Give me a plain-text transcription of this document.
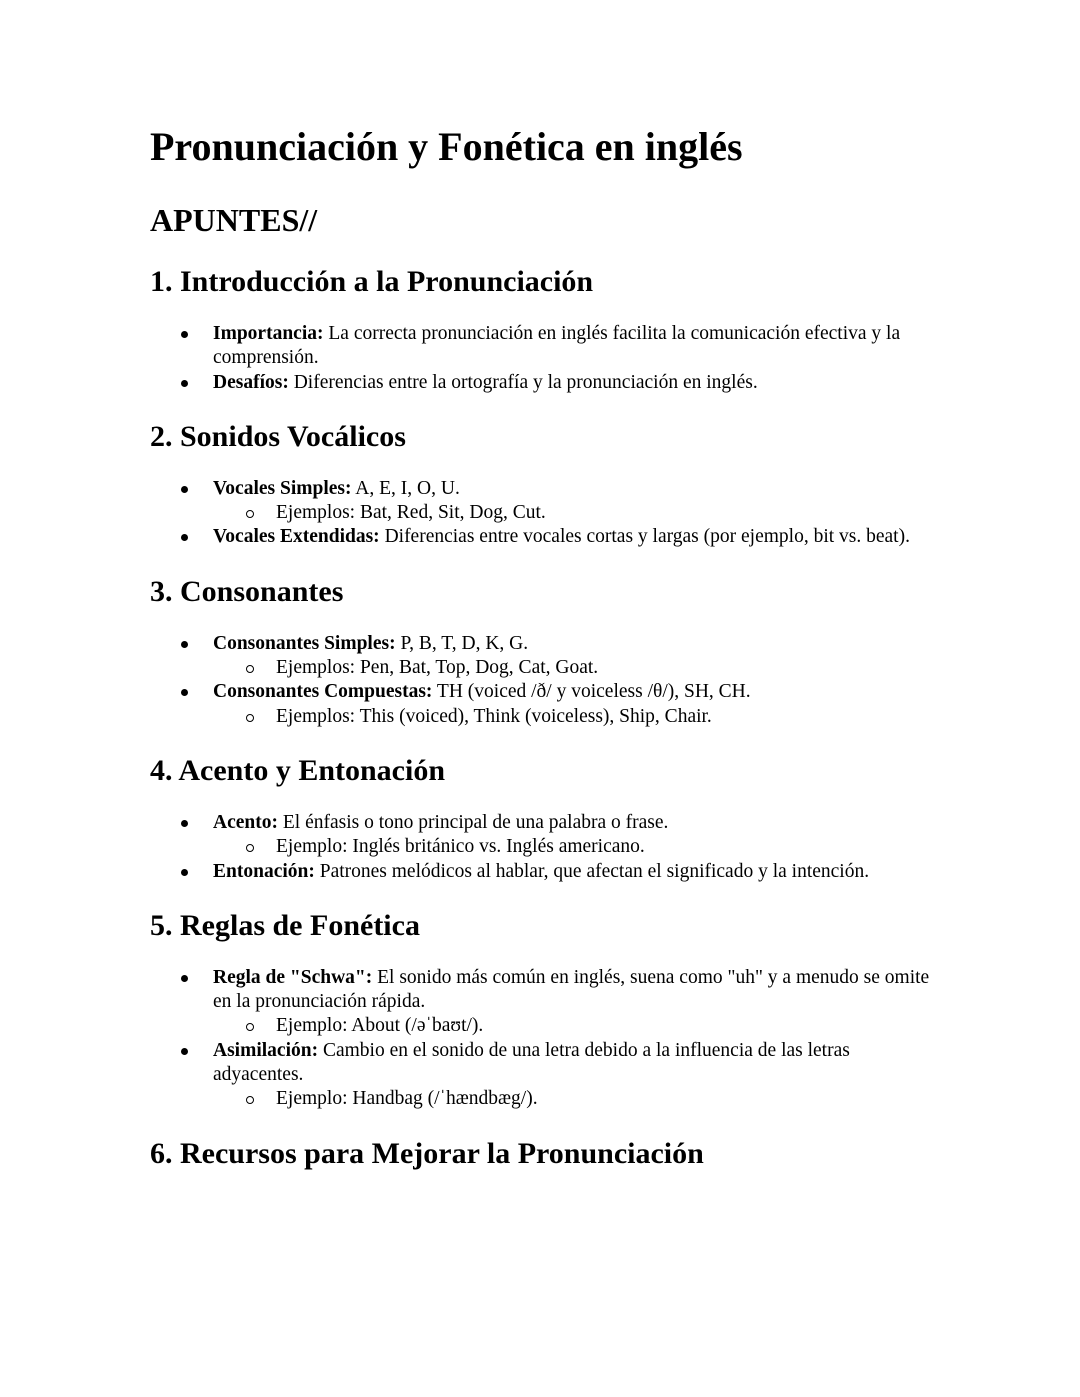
Pronunciación y Fonética en inglés
APUNTES//
1. Introducción a la Pronunciación
Importancia: La correcta pronunciación en inglés facilita la comunicación efectiva y la comprensión.
Desafíos: Diferencias entre la ortografía y la pronunciación en inglés.
2. Sonidos Vocálicos
Vocales Simples: A, E, I, O, U.
Ejemplos: Bat, Red, Sit, Dog, Cut.
Vocales Extendidas: Diferencias entre vocales cortas y largas (por ejemplo, bit vs. beat).
3. Consonantes
Consonantes Simples: P, B, T, D, K, G.
Ejemplos: Pen, Bat, Top, Dog, Cat, Goat.
Consonantes Compuestas: TH (voiced /ð/ y voiceless /θ/), SH, CH.
Ejemplos: This (voiced), Think (voiceless), Ship, Chair.
4. Acento y Entonación
Acento: El énfasis o tono principal de una palabra o frase.
Ejemplo: Inglés británico vs. Inglés americano.
Entonación: Patrones melódicos al hablar, que afectan el significado y la intención.
5. Reglas de Fonética
Regla de "Schwa": El sonido más común en inglés, suena como "uh" y a menudo se omite en la pronunciación rápida.
Ejemplo: About (/əˈbaʊt/).
Asimilación: Cambio en el sonido de una letra debido a la influencia de las letras adyacentes.
Ejemplo: Handbag (/ˈhændbæg/).
6. Recursos para Mejorar la Pronunciación
